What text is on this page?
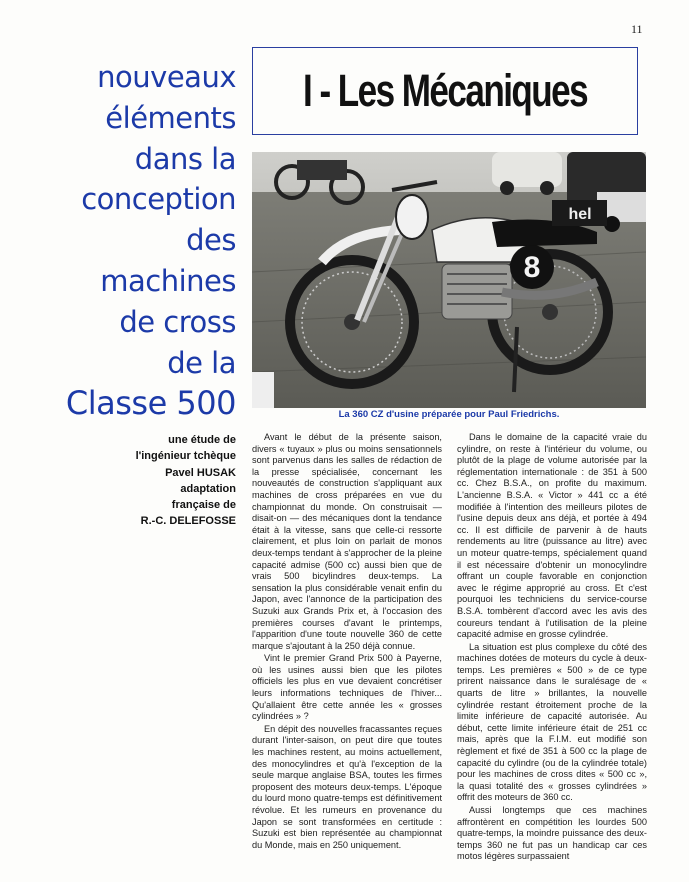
11
nouveaux
éléments
dans la
conception
des
machines
de cross
de la
Classe 500
I - Les Mécaniques
8
hel
La 360 CZ d'usine préparée pour Paul Friedrichs.
une étude de
l'ingénieur tchèque
Pavel HUSAK
adaptation
française de
R.-C. DELEFOSSE

Avant le début de la présente saison, divers « tuyaux » plus ou moins sensationnels sont parvenus dans les salles de rédaction de la presse spécialisée, concernant les nouveautés de construction s'appliquant aux machines de cross préparées en vue du championnat du monde. On construisait — disait-on — des mécaniques dont la tendance était à la vitesse, sans que celle-ci ressorte clairement, et plus loin on parlait de monos deux-temps tendant à s'approcher de la pleine capacité admise (500 cc) aussi bien que de vrais 500 bicylindres deux-temps. La sensation la plus considérable venait enfin du Japon, avec l'annonce de la participation des Suzuki aux Grands Prix et, à l'occasion des premières courses d'avant le printemps, l'apparition d'une toute nouvelle 360 de cette marque s'ajoutant à la 250 déjà connue.

Vint le premier Grand Prix 500 à Payerne, où les usines aussi bien que les pilotes officiels les plus en vue devaient concrétiser leurs informations techniques de l'hiver... Qu'allaient être cette année les « grosses cylindrées » ?

En dépit des nouvelles fracassantes reçues durant l'inter-saison, on peut dire que toutes les machines restent, au moins actuellement, des monocylindres et qu'à l'exception de la seule marque anglaise BSA, toutes les firmes proposent des moteurs deux-temps. L'époque du lourd mono quatre-temps est définitivement révolue. Et les rumeurs en provenance du Japon se sont transformées en certitude : Suzuki est bien représentée au championnat du Monde, mais en 250 uniquement.

Dans le domaine de la capacité vraie du cylindre, on reste à l'intérieur du volume, ou plutôt de la plage de volume autorisée par la réglementation internationale : de 351 à 500 cc. Chez B.S.A., on profite du maximum. L'ancienne B.S.A. « Victor » 441 cc a été modifiée à l'intention des meilleurs pilotes de l'usine depuis deux ans déjà, et portée à 494 cc. Il est difficile de parvenir à de hauts rendements au litre (puissance au litre) avec un moteur quatre-temps, spécialement quand il est nécessaire d'obtenir un monocylindre offrant un couple favorable en conjonction avec le régime approprié au cross. Et c'est pourquoi les techniciens du service-course B.S.A. tombèrent d'accord avec les avis des coureurs tendant à l'utilisation de la pleine capacité admise en grosse cylindrée.

La situation est plus complexe du côté des machines dotées de moteurs du cycle à deux-temps. Les premières « 500 » de ce type prirent naissance dans le suralésage de « quarts de litre » brillantes, la nouvelle cylindrée restant étroitement proche de la limite inférieure de capacité autorisée. Au début, cette limite inférieure était de 251 cc mais, après que la F.I.M. eut modifié son règlement et fixé de 351 à 500 cc la plage de capacité du cylindre (ou de la cylindrée totale) pour les machines de cross dites « 500 cc », la quasi totalité des « grosses cylindrées » offrit des moteurs de 360 cc.

Aussi longtemps que ces machines affrontèrent en compétition les lourdes 500 quatre-temps, la moindre puissance des deux-temps 360 ne fut pas un handicap car ces motos légères surpassaient
